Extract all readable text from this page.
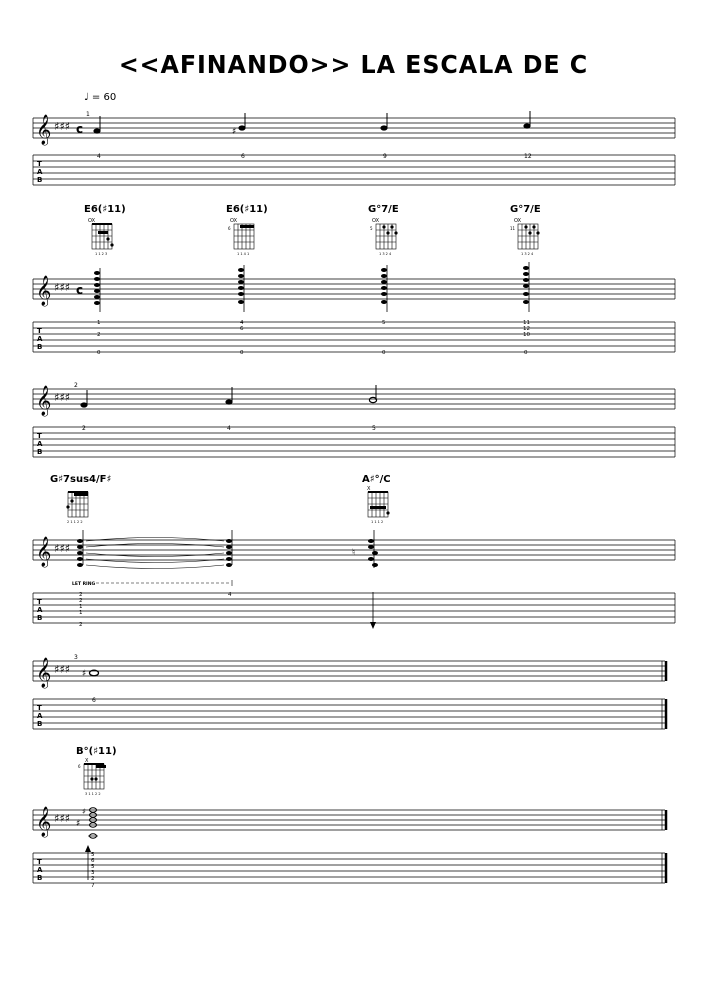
<<AFINANDO>> LA ESCALA DE C
♩ = 60
𝄞 ♯♯♯ c
1
♯
T
A
B
4	6	9	12
E6(♯11)
OX
1 1 2 3
E6(♯11)
OX
6
1 1 4 1
G°7/E
OX
5
1 3 2 4
G°7/E
OX
11
1 3 2 4
𝄞 ♯♯♯ c
T
A
B
1
2
0
4
6
0
5
0
11
12
10
0
𝄞 ♯♯♯
2
T
A
B
2	4	5
G♯7sus4/F♯
2 1 1 2 2
A♯°/C
X
1 1 1 2
𝄞 ♯♯♯	♮
LET RING
T
A
B
2
2
1
1
2
4
𝄞 ♯♯♯
3
♯
T
A
B
6
B°(♯11)
X
6
3 1 1 2 2
𝄞 ♯♯♯ ♯
♯
T
A
B
5
6
5
3
2
7
